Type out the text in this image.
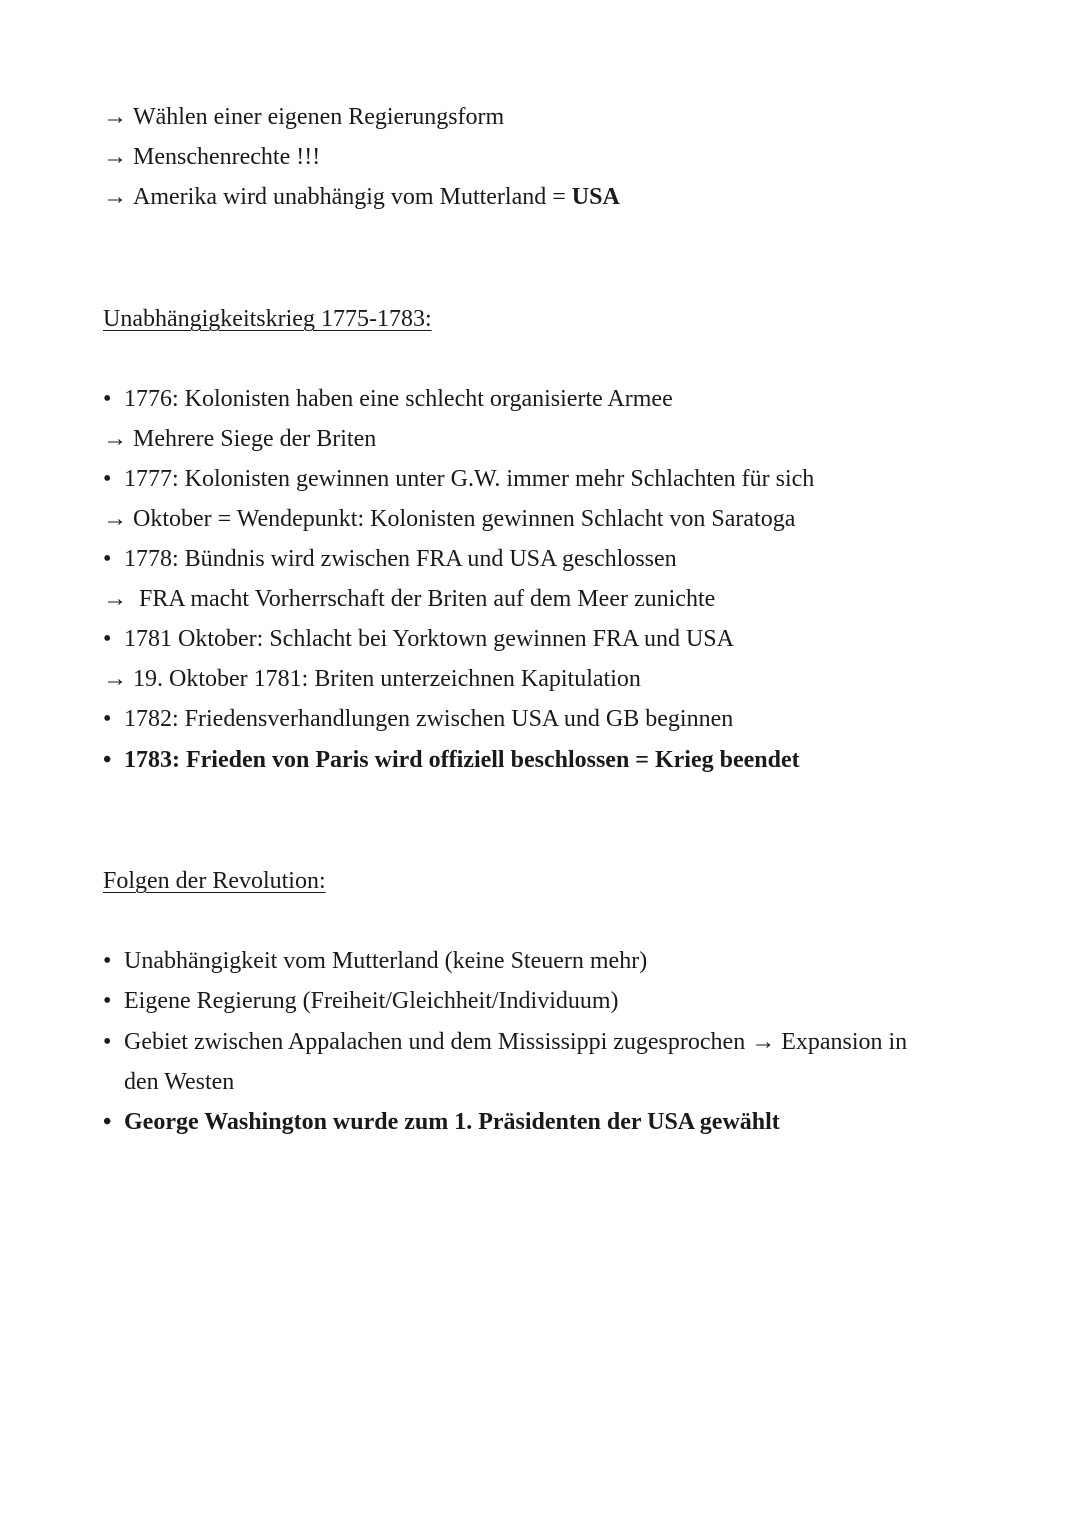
→ Wählen einer eigenen Regierungsform
→ Menschenrechte !!!
→ Amerika wird unabhängig vom Mutterland = USA
Unabhängigkeitskrieg 1775-1783:
• 1776: Kolonisten haben eine schlecht organisierte Armee
→ Mehrere Siege der Briten
• 1777: Kolonisten gewinnen unter G.W. immer mehr Schlachten für sich
→ Oktober = Wendepunkt: Kolonisten gewinnen Schlacht von Saratoga
• 1778: Bündnis wird zwischen FRA und USA geschlossen
→ FRA macht Vorherrschaft der Briten auf dem Meer zunichte
• 1781 Oktober: Schlacht bei Yorktown gewinnen FRA und USA
→ 19. Oktober 1781: Briten unterzeichnen Kapitulation
• 1782: Friedensverhandlungen zwischen USA und GB beginnen
• 1783: Frieden von Paris wird offiziell beschlossen = Krieg beendet
Folgen der Revolution:
• Unabhängigkeit vom Mutterland (keine Steuern mehr)
• Eigene Regierung (Freiheit/Gleichheit/Individuum)
• Gebiet zwischen Appalachen und dem Mississippi zugesprochen → Expansion in
den Westen
• George Washington wurde zum 1. Präsidenten der USA gewählt
